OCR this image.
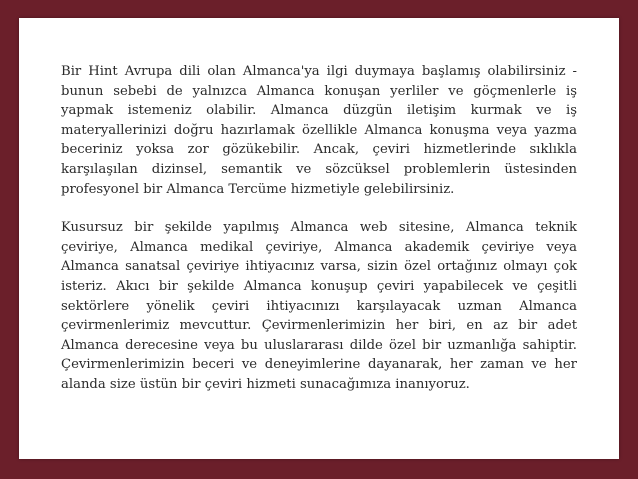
Bir Hint Avrupa dili olan Almanca'ya ilgi duymaya başlamış olabilirsiniz - bunun sebebi de yalnızca Almanca konuşan yerliler ve göçmenlerle iş yapmak istemeniz olabilir. Almanca düzgün iletişim kurmak ve iş materyallerinizi doğru hazırlamak özellikle Almanca konuşma veya yazma beceriniz yoksa zor gözükebilir. Ancak, çeviri hizmetlerinde sıklıkla karşılaşılan dizinsel, semantik ve sözcüksel problemlerin üstesinden profesyonel bir Almanca Tercüme hizmetiyle gelebilirsiniz.

Kusursuz bir şekilde yapılmış Almanca web sitesine, Almanca teknik çeviriye, Almanca medikal çeviriye, Almanca akademik çeviriye veya Almanca sanatsal çeviriye ihtiyacınız varsa, sizin özel ortağınız olmayı çok isteriz. Akıcı bir şekilde Almanca konuşup çeviri yapabilecek ve çeşitli sektörlere yönelik çeviri ihtiyacınızı karşılayacak uzman Almanca çevirmenlerimiz mevcuttur. Çevirmenlerimizin her biri, en az bir adet Almanca derecesine veya bu uluslararası dilde özel bir uzmanlığa sahiptir. Çevirmenlerimizin beceri ve deneyimlerine dayanarak, her zaman ve her alanda size üstün bir çeviri hizmeti sunacağımıza inanıyoruz.
